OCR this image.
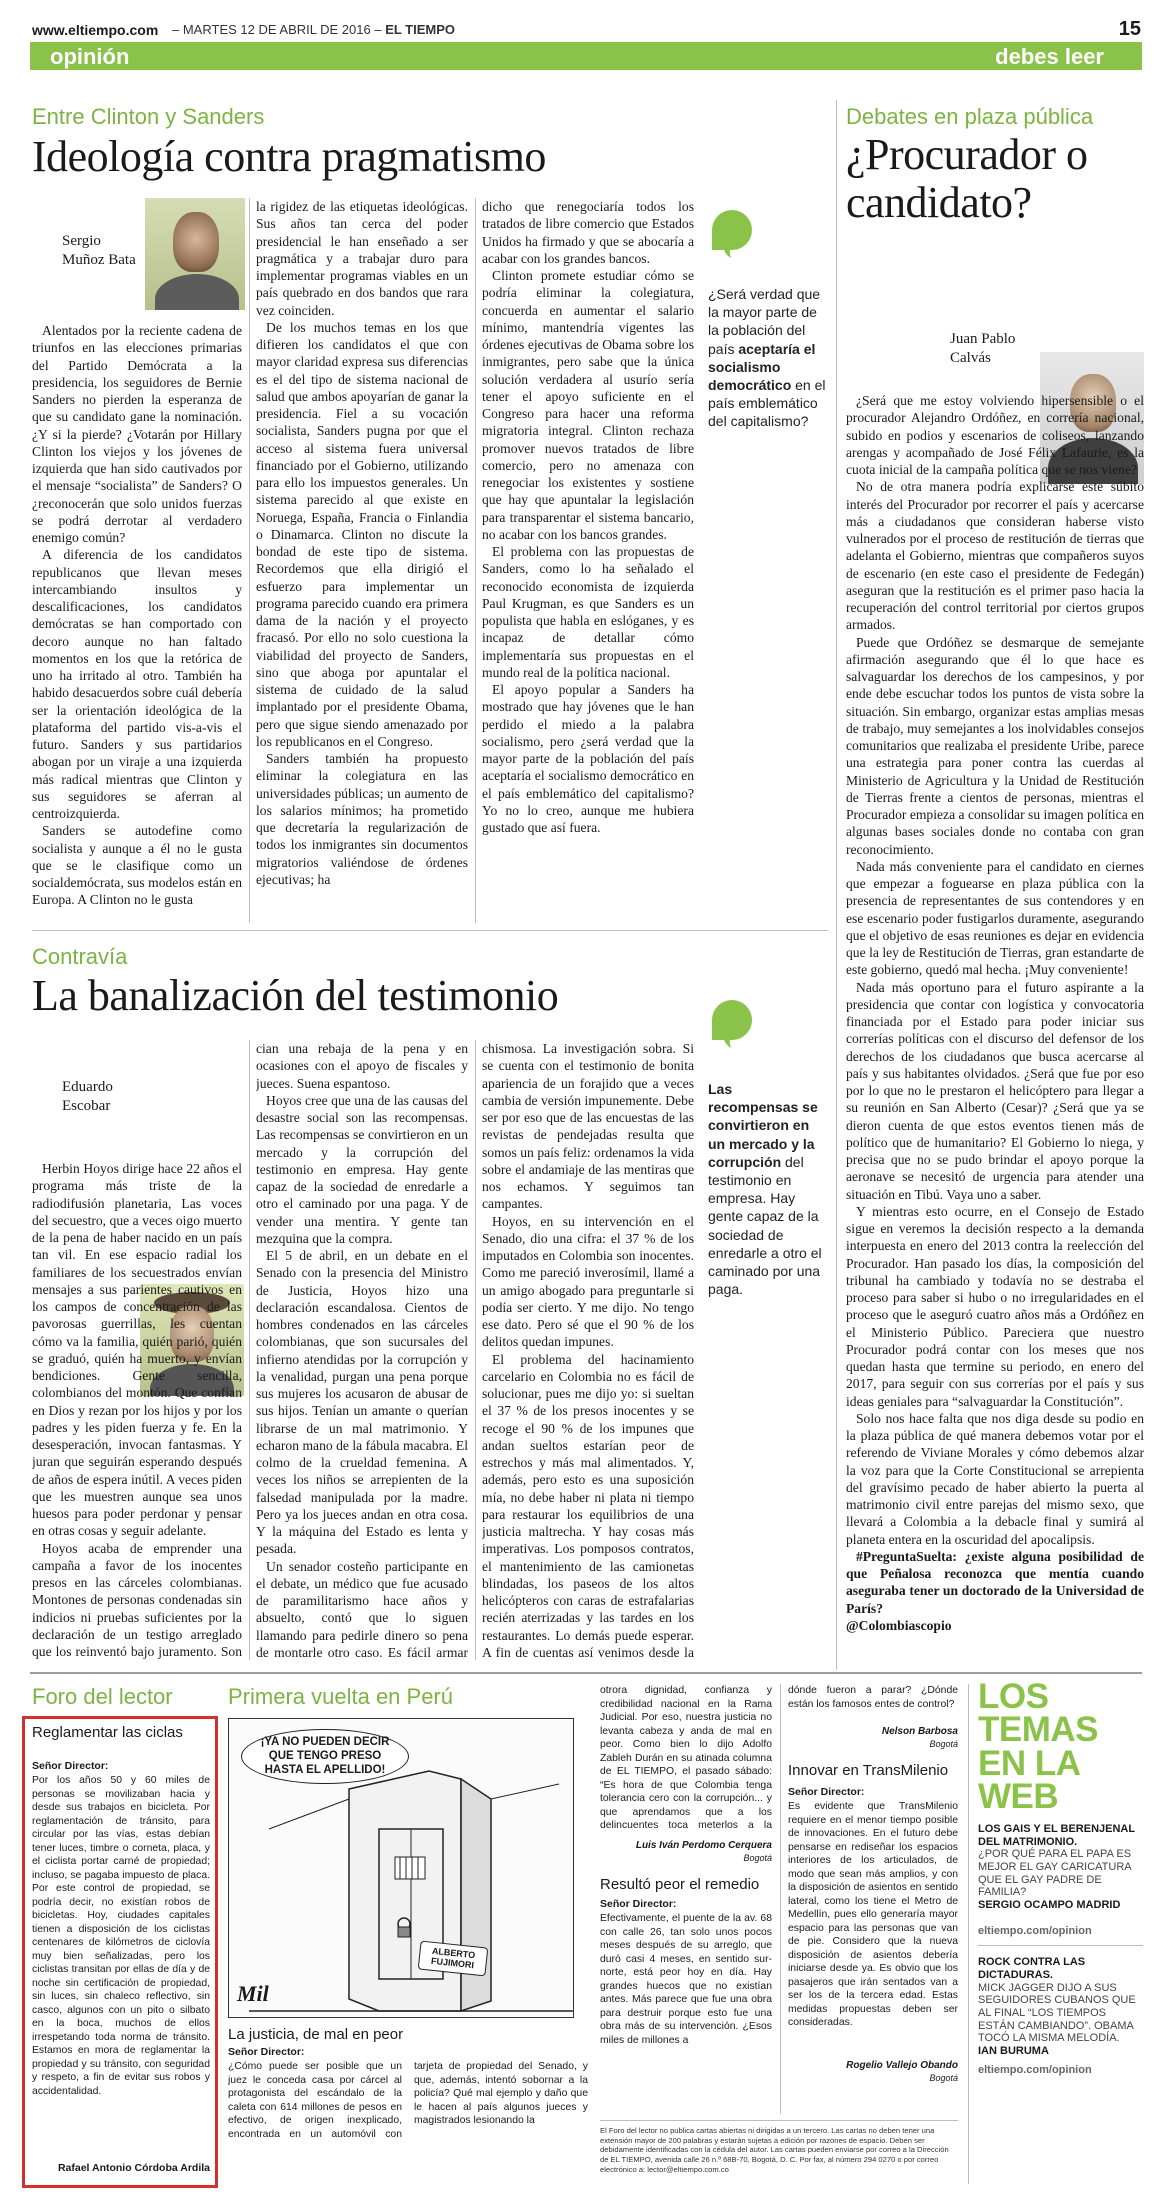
www.eltiempo.com – MARTES 12 DE ABRIL DE 2016 – EL TIEMPO	15
opinión	debes leer
Entre Clinton y Sanders
Ideología contra pragmatismo
Sergio Muñoz Bata

Alentados por la reciente cadena de triunfos en las elecciones primarias del Partido Demócrata a la presidencia, los seguidores de Bernie Sanders no pierden la esperanza de que su candidato gane la nominación. ¿Y si la pierde? ¿Votarán por Hillary Clinton los viejos y los jóvenes de izquierda que han sido cautivados por el mensaje “socialista” de Sanders? O ¿reconocerán que solo unidos fuerzas se podrá derrotar al verdadero enemigo común?

A diferencia de los candidatos republicanos que llevan meses intercambiando insultos y descalificaciones, los candidatos demócratas se han comportado con decoro aunque no han faltado momentos en los que la retórica de uno ha irritado al otro. También ha habido desacuerdos sobre cuál debería ser la orientación ideológica de la plataforma del partido vis-a-vis el futuro. Sanders y sus partidarios abogan por un viraje a una izquierda más radical mientras que Clinton y sus seguidores se aferran al centroizquierda.

Sanders se autodefine como socialista y aunque a él no le gusta que se le clasifique como un socialdemócrata, sus modelos están en Europa. A Clinton no le gusta

la rigidez de las etiquetas ideológicas. Sus años tan cerca del poder presidencial le han enseñado a ser pragmática y a trabajar duro para implementar programas viables en un país quebrado en dos bandos que rara vez coinciden.

De los muchos temas en los que difieren los candidatos el que con mayor claridad expresa sus diferencias es el del tipo de sistema nacional de salud que ambos apoyarían de ganar la presidencia. Fiel a su vocación socialista, Sanders pugna por que el acceso al sistema fuera universal financiado por el Gobierno, utilizando para ello los impuestos generales. Un sistema parecido al que existe en Noruega, España, Francia o Finlandia o Dinamarca. Clinton no discute la bondad de este tipo de sistema. Recordemos que ella dirigió el esfuerzo para implementar un programa parecido cuando era primera dama de la nación y el proyecto fracasó. Por ello no solo cuestiona la viabilidad del proyecto de Sanders, sino que aboga por apuntalar el sistema de cuidado de la salud implantado por el presidente Obama, pero que sigue siendo amenazado por los republicanos en el Congreso.

Sanders también ha propuesto eliminar la colegiatura en las universidades públicas; un aumento de los salarios mínimos; ha prometido que decretaría la regularización de todos los inmigrantes sin documentos migratorios valiéndose de órdenes ejecutivas; ha

dicho que renegociaría todos los tratados de libre comercio que Estados Unidos ha firmado y que se abocaría a acabar con los grandes bancos.

Clinton promete estudiar cómo se podría eliminar la colegiatura, concuerda en aumentar el salario mínimo, mantendría vigentes las órdenes ejecutivas de Obama sobre los inmigrantes, pero sabe que la única solución verdadera al usurío sería tener el apoyo suficiente en el Congreso para hacer una reforma migratoria integral. Clinton rechaza promover nuevos tratados de libre comercio, pero no amenaza con renegociar los existentes y sostiene que hay que apuntalar la legislación para transparentar el sistema bancario, no acabar con los bancos grandes.

El problema con las propuestas de Sanders, como lo ha señalado el reconocido economista de izquierda Paul Krugman, es que Sanders es un populista que habla en eslóganes, y es incapaz de detallar cómo implementaría sus propuestas en el mundo real de la política nacional.

El apoyo popular a Sanders ha mostrado que hay jóvenes que le han perdido el miedo a la palabra socialismo, pero ¿será verdad que la mayor parte de la población del país aceptaría el socialismo democrático en el país emblemático del capitalismo? Yo no lo creo, aunque me hubiera gustado que así fuera.

¿Será verdad que la mayor parte de la población del país aceptaría el socialismo democrático en el país emblemático del capitalismo?
Debates en plaza pública
¿Procurador o candidato?
Juan Pablo Calvás

¿Será que me estoy volviendo hipersensible o el procurador Alejandro Ordóñez, en correría nacional, subido en podios y escenarios de coliseos, lanzando arengas y acompañado de José Félix Lafaurie, es la cuota inicial de la campaña política que se nos viene?

No de otra manera podría explicarse este súbito interés del Procurador por recorrer el país y acercarse más a ciudadanos que consideran haberse visto vulnerados por el proceso de restitución de tierras que adelanta el Gobierno, mientras que compañeros suyos de escenario (en este caso el presidente de Fedegán) aseguran que la restitución es el primer paso hacia la recuperación del control territorial por ciertos grupos armados.

Puede que Ordóñez se desmarque de semejante afirmación asegurando que él lo que hace es salvaguardar los derechos de los campesinos, y por ende debe escuchar todos los puntos de vista sobre la situación. Sin embargo, organizar estas amplias mesas de trabajo, muy semejantes a los inolvidables consejos comunitarios que realizaba el presidente Uribe, parece una estrategia para poner contra las cuerdas al Ministerio de Agricultura y la Unidad de Restitución de Tierras frente a cientos de personas, mientras el Procurador empieza a consolidar su imagen política en algunas bases sociales donde no contaba con gran reconocimiento.

Nada más conveniente para el candidato en ciernes que empezar a foguearse en plaza pública con la presencia de representantes de sus contendores y en ese escenario poder fustigarlos duramente, asegurando que el objetivo de esas reuniones es dejar en evidencia que la ley de Restitución de Tierras, gran estandarte de este gobierno, quedó mal hecha. ¡Muy conveniente!

Nada más oportuno para el futuro aspirante a la presidencia que contar con logística y convocatoria financiada por el Estado para poder iniciar sus correrías políticas con el discurso del defensor de los derechos de los ciudadanos que busca acercarse al país y sus habitantes olvidados. ¿Será que fue por eso por lo que no le prestaron el helicóptero para llegar a su reunión en San Alberto (Cesar)? ¿Será que ya se dieron cuenta de que estos eventos tienen más de político que de humanitario? El Gobierno lo niega, y precisa que no se pudo brindar el apoyo porque la aeronave se necesitó de urgencia para atender una situación en Tibú. Vaya uno a saber.

Y mientras esto ocurre, en el Consejo de Estado sigue en veremos la decisión respecto a la demanda interpuesta en enero del 2013 contra la reelección del Procurador. Han pasado los días, la composición del tribunal ha cambiado y todavía no se destraba el proceso para saber si hubo o no irregularidades en el proceso que le aseguró cuatro años más a Ordóñez en el Ministerio Público. Pareciera que nuestro Procurador podrá contar con los meses que nos quedan hasta que termine su periodo, en enero del 2017, para seguir con sus correrías por el país y sus ideas geniales para “salvaguardar la Constitución”.

Solo nos hace falta que nos diga desde su podio en la plaza pública de qué manera debemos votar por el referendo de Viviane Morales y cómo debemos alzar la voz para que la Corte Constitucional se arrepienta del gravísimo pecado de haber abierto la puerta al matrimonio civil entre parejas del mismo sexo, que llevará a Colombia a la debacle final y sumirá al planeta entera en la oscuridad del apocalipsis.

#PreguntaSuelta: ¿existe alguna posibilidad de que Peñalosa reconozca que mentía cuando aseguraba tener un doctorado de la Universidad de París?

@Colombiascopio

Contravía
La banalización del testimonio
Eduardo Escobar

Herbin Hoyos dirige hace 22 años el programa más triste de la radiodifusión planetaria, Las voces del secuestro, que a veces oigo muerto de la pena de haber nacido en un país tan vil. En ese espacio radial los familiares de los secuestrados envían mensajes a sus parientes cautivos en los campos de concentración de las pavorosas guerrillas, les cuentan cómo va la familia, quién parió, quién se graduó, quién ha muerto, y envían bendiciones. Gente sencilla, colombianos del montón. Que confían en Dios y rezan por los hijos y por los padres y les piden fuerza y fe. En la desesperación, invocan fantasmas. Y juran que seguirán esperando después de años de espera inútil. A veces piden que les muestren aunque sea unos huesos para poder perdonar y pensar en otras cosas y seguir adelante.

Hoyos acaba de emprender una campaña a favor de los inocentes presos en las cárceles colombianas. Montones de personas condenadas sin indicios ni pruebas suficientes por la declaración de un testigo arreglado que los reinventó bajo juramento. Son

cian una rebaja de la pena y en ocasiones con el apoyo de fiscales y jueces. Suena espantoso.

Hoyos cree que una de las causas del desastre social son las recompensas. Las recompensas se convirtieron en un mercado y la corrupción del testimonio en empresa. Hay gente capaz de la sociedad de enredarle a otro el caminado por una paga. Y de vender una mentira. Y gente tan mezquina que la compra.

El 5 de abril, en un debate en el Senado con la presencia del Ministro de Justicia, Hoyos hizo una declaración escandalosa. Cientos de hombres condenados en las cárceles colombianas, que son sucursales del infierno atendidas por la corrupción y la venalidad, purgan una pena porque sus mujeres los acusaron de abusar de sus hijos. Tenían un amante o querían librarse de un mal matrimonio. Y echaron mano de la fábula macabra. El colmo de la crueldad femenina. A veces los niños se arrepienten de la falsedad manipulada por la madre. Pero ya los jueces andan en otra cosa. Y la máquina del Estado es lenta y pesada.

Un senador costeño participante en el debate, un médico que fue acusado de paramilitarismo hace años y absuelto, contó que lo siguen llamando para pedirle dinero so pena de montarle otro caso. Es fácil armar

chismosa. La investigación sobra. Si se cuenta con el testimonio de bonita apariencia de un forajido que a veces cambia de versión impunemente. Debe ser por eso que de las encuestas de las revistas de pendejadas resulta que somos un país feliz: ordenamos la vida sobre el andamiaje de las mentiras que nos echamos. Y seguimos tan campantes.

Hoyos, en su intervención en el Senado, dio una cifra: el 37 % de los imputados en Colombia son inocentes. Como me pareció inverosímil, llamé a un amigo abogado para preguntarle si podía ser cierto. Y me dijo. No tengo ese dato. Pero sé que el 90 % de los delitos quedan impunes.

El problema del hacinamiento carcelario en Colombia no es fácil de solucionar, pues me dijo yo: si sueltan el 37 % de los presos inocentes y se recoge el 90 % de los impunes que andan sueltos estarían peor de estrechos y más mal alimentados. Y, además, pero esto es una suposición mía, no debe haber ni plata ni tiempo para restaurar los equilibrios de una justicia maltrecha. Y hay cosas más imperativas. Los pomposos contratos, el mantenimiento de las camionetas blindadas, los paseos de los altos helicópteros con caras de estrafalarias recién aterrizadas y las tardes en los restaurantes. Lo demás puede esperar. A fin de cuentas así venimos desde la

Las recompensas se convirtieron en un mercado y la corrupción del testimonio en empresa. Hay gente capaz de la sociedad de enredarle a otro el caminado por una paga.
Foro del lector
Reglamentar las ciclas
Señor Director:

Por los años 50 y 60 miles de personas se movilizaban hacia y desde sus trabajos en bicicleta. Por reglamentación de tránsito, para circular por las vías, estas debían tener luces, timbre o corneta, placa, y el ciclista portar carné de propiedad; incluso, se pagaba impuesto de placa. Por este control de propiedad, se podría decir, no existían robos de bicicletas. Hoy, ciudades capitales tienen a disposición de los ciclistas centenares de kilómetros de ciclovía muy bien señalizadas, pero los ciclistas transitan por ellas de día y de noche sin certificación de propiedad, sin luces, sin chaleco reflectivo, sin casco, algunos con un pito o silbato en la boca, muchos de ellos irrespetando toda norma de tránsito. Estamos en mora de reglamentar la propiedad y su tránsito, con seguridad y respeto, a fin de evitar sus robos y accidentalidad.

Rafael Antonio Córdoba Ardila
Primera vuelta en Perú
¡YA NO PUEDEN DECIR QUE TENGO PRESO HASTA EL APELLIDO!
ALBERTO FUJIMORI
Mil
La justicia, de mal en peor
Señor Director:

¿Cómo puede ser posible que un juez le conceda casa por cárcel al protagonista del escándalo de la caleta con 614 millones de pesos en efectivo, de origen inexplicado, encontrada en un automóvil con tarjeta de propiedad del Senado, y que, además, intentó sobornar a la policía? Qué mal ejemplo y daño que le hacen al país algunos jueces y magistrados lesionando la

otrora dignidad, confianza y credibilidad nacional en la Rama Judicial. Por eso, nuestra justicia no levanta cabeza y anda de mal en peor. Como bien lo dijo Adolfo Zableh Durán en su atinada columna de EL TIEMPO, el pasado sábado: “Es hora de que Colombia tenga tolerancia cero con la corrupción... y que aprendamos que a los delincuentes toca meterlos a la

Luis Iván Perdomo Cerquera
Bogotá
Resultó peor el remedio
Señor Director:

Efectivamente, el puente de la av. 68 con calle 26, tan solo unos pocos meses después de su arreglo, que duró casi 4 meses, en sentido sur-norte, está peor hoy en día. Hay grandes huecos que no existían antes. Más parece que fue una obra para destruir porque esto fue una obra más de su intervención. ¿Esos miles de millones a

dónde fueron a parar? ¿Dónde están los famosos entes de control?

Nelson Barbosa
Bogotá
Innovar en TransMilenio
Señor Director:

Es evidente que TransMilenio requiere en el menor tiempo posible de innovaciones. En el futuro debe pensarse en rediseñar los espacios interiores de los articulados, de modo que sean más amplios, y con la disposición de asientos en sentido lateral, como los tiene el Metro de Medellín, pues ello generaría mayor espacio para las personas que van de pie. Considero que la nueva disposición de asientos debería iniciarse desde ya. Es obvio que los pasajeros que irán sentados van a ser los de la tercera edad. Estas medidas propuestas deben ser consideradas.

Rogelio Vallejo Obando
Bogotá
El Foro del lector no publica cartas abiertas ni dirigidas a un tercero. Las cartas no deben tener una extensión mayor de 200 palabras y estarán sujetas a edición por razones de espacio. Deben ser debidamente identificadas con la cédula del autor. Las cartas pueden enviarse por correo a la Dirección de EL TIEMPO, avenida calle 26 n.º 68B-70, Bogotá, D. C. Por fax, al número 294 0270 o por correo electrónico a: lector@eltiempo.com.co
LOS
TEMAS
EN LA
WEB
LOS GAIS Y EL BERENJENAL DEL MATRIMONIO.
¿POR QUÉ PARA EL PAPA ES MEJOR EL GAY CARICATURA QUE EL GAY PADRE DE FAMILIA?
SERGIO OCAMPO MADRID
eltiempo.com/opinion
ROCK CONTRA LAS DICTADURAS.
MICK JAGGER DIJO A SUS SEGUIDORES CUBANOS QUE AL FINAL “LOS TIEMPOS ESTÁN CAMBIANDO”. OBAMA TOCÓ LA MISMA MELODÍA.
IAN BURUMA
eltiempo.com/opinion
